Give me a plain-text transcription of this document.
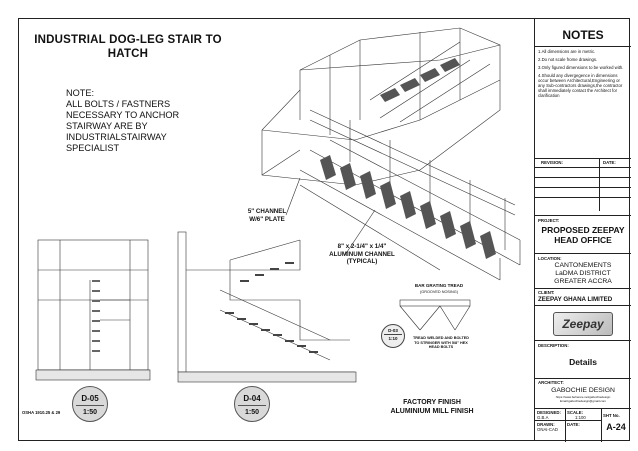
INDUSTRIAL DOG-LEG STAIR TO HATCH
NOTE:
ALL BOLTS / FASTNERS
NECESSARY TO ANCHOR
STAIRWAY ARE BY
INDUSTRIALSTAIRWAY
SPECIALIST
5" CHANNEL
W/6" PLATE
8" x 2-1/4" x 1/4"
ALUMINUM CHANNEL
(TYPICAL)
BAR GRATING TREAD
(GROOVED NOSING)
TREAD WELDED AND BOLTED
TO STRINGER WITH 5/8" HEX
HEAD BOLTS
D-03
1:10
FACTORY FINISH
ALUMINIUM MILL FINISH
OSHA 1910.25 & 29
D-05
1:50
D-04
1:50
NOTES
1.All dimensions are in metric.
2.Do not scale frome drawings.
3.Only figured dimensions to be worked with.
4.Should any divergegence in dimensions occur between Architectural,Engineering or any Sub-contractors drawings,the contractor shall immediately contact the Architect for clarification
REVISION:	DATE:
PROJECT:
PROPOSED ZEEPAY
HEAD OFFICE
LOCATION:
CANTONEMENTS
LaDMA DISTRICT
GREATER ACCRA
CLIENT:
ZEEPAY GHANA LIMITED
Zeepay
DESCRIPTION:
Details
ARCHITECT:
GABOCHIE DESIGN
https://www.behance.net/gabochiedesign
Email:gabochiedesign@gmail.com
DESIGNED:
G.B.A
SCALE:
1:100
DRAWN:
ONAI-CAD
DATE:
SHT No.
A-24
